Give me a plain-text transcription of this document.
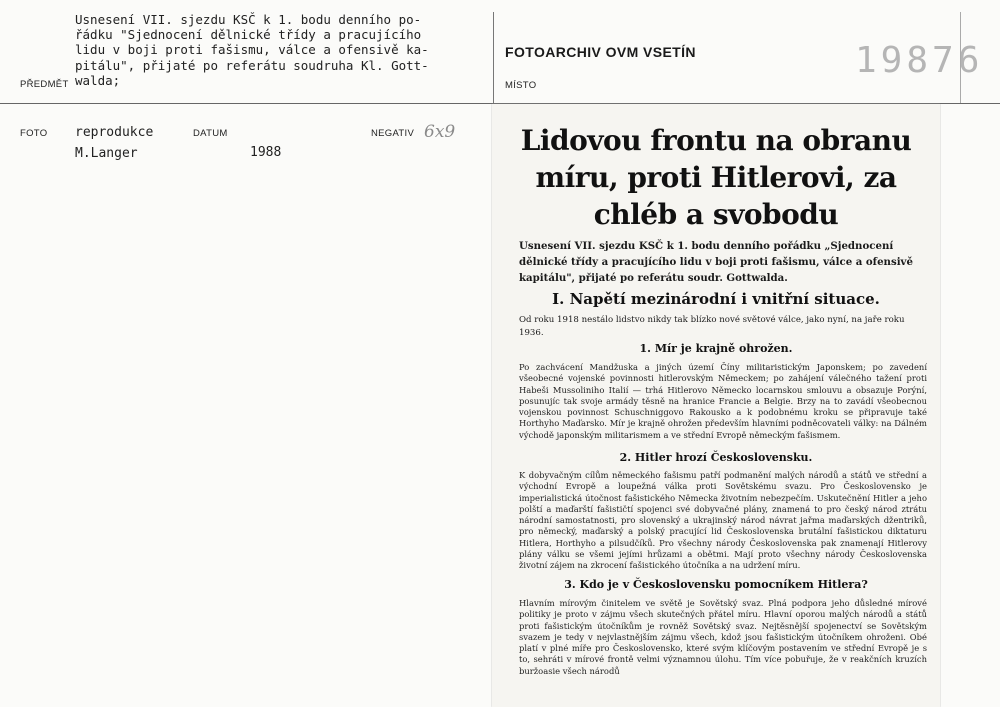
Usnesení VII. sjezdu KSČ k 1. bodu denního po-
řádku "Sjednocení dělnické třídy a pracujícího
lidu v boji proti fašismu, válce a ofensivě ka-
pitálu", přijaté po referátu soudruha Kl. Gott-
walda;
PŘEDMĚT
FOTOARCHIV OVM VSETÍN
MÍSTO
19876
FOTO reprodukce
M.Langer
DATUM
1988
NEGATIV 6x9	Lidovou frontu na obranu
míru, proti Hitlerovi, za
chléb a svobodu
Usnesení VII. sjezdu KSČ k 1. bodu denního pořádku „Sjednocení dělnické třídy a pracujícího lidu v boji proti fašismu, válce a ofensivě kapitálu", přijaté po referátu soudr. Gottwalda.
I. Napětí mezinárodní i vnitřní situace.
Od roku 1918 nestálo lidstvo nikdy tak blízko nové světové válce, jako nyní, na jaře roku 1936.
1. Mír je krajně ohrožen.
Po zachvácení Mandžuska a jiných území Číny militaristickým Japonskem; po zavedení všeobecné vojenské povinnosti hitlerovským Německem; po zahájení válečného tažení proti Habeši Mussoliniho Italií — trhá Hitlerovo Německo locarnskou smlouvu a obsazuje Porýní, posunujíc tak svoje armády těsně na hranice Francie a Belgie. Brzy na to zavádí všeobecnou vojenskou povinnost Schuschniggovo Rakousko a k podobnému kroku se připravuje také Horthyho Maďarsko. Mír je krajně ohrožen především hlavními podněcovateli války: na Dálném východě japonským militarismem a ve střední Evropě německým fašismem.
2. Hitler hrozí Československu.
K dobyvačným cílům německého fašismu patří podmanění malých národů a států ve střední a východní Evropě a loupežná válka proti Sovětskému svazu. Pro Československo je imperialistická útočnost fašistického Německa životním nebezpečím. Uskutečnění Hitler a jeho polští a maďarští fašističtí spojenci své dobyvačné plány, znamená to pro český národ ztrátu národní samostatnosti, pro slovenský a ukrajinský národ návrat jařma maďarských džentriků, pro německý, maďarský a polský pracující lid Československa brutální fašistickou diktaturu Hitlera, Horthyho a pilsudčíků. Pro všechny národy Československa pak znamenají Hitlerovy plány válku se všemi jejími hrůzami a obětmi. Mají proto všechny národy Československa životní zájem na zkrocení fašistického útočníka a na udržení míru.
3. Kdo je v Československu pomocníkem Hitlera?
Hlavním mírovým činitelem ve světě je Sovětský svaz. Plná podpora jeho důsledné mírové politiky je proto v zájmu všech skutečných přátel míru. Hlavní oporou malých národů a států proti fašistickým útočníkům je rovněž Sovětský svaz. Nejtěsnější spojenectví se Sovětským svazem je tedy v nejvlastnějším zájmu všech, kdož jsou fašistickým útočníkem ohroženi. Obé platí v plné míře pro Československo, které svým klíčovým postavením ve střední Evropě je s to, sehráti v mírové frontě velmi významnou úlohu. Tím více pobuřuje, že v reakčních kruzích buržoasie všech národů
